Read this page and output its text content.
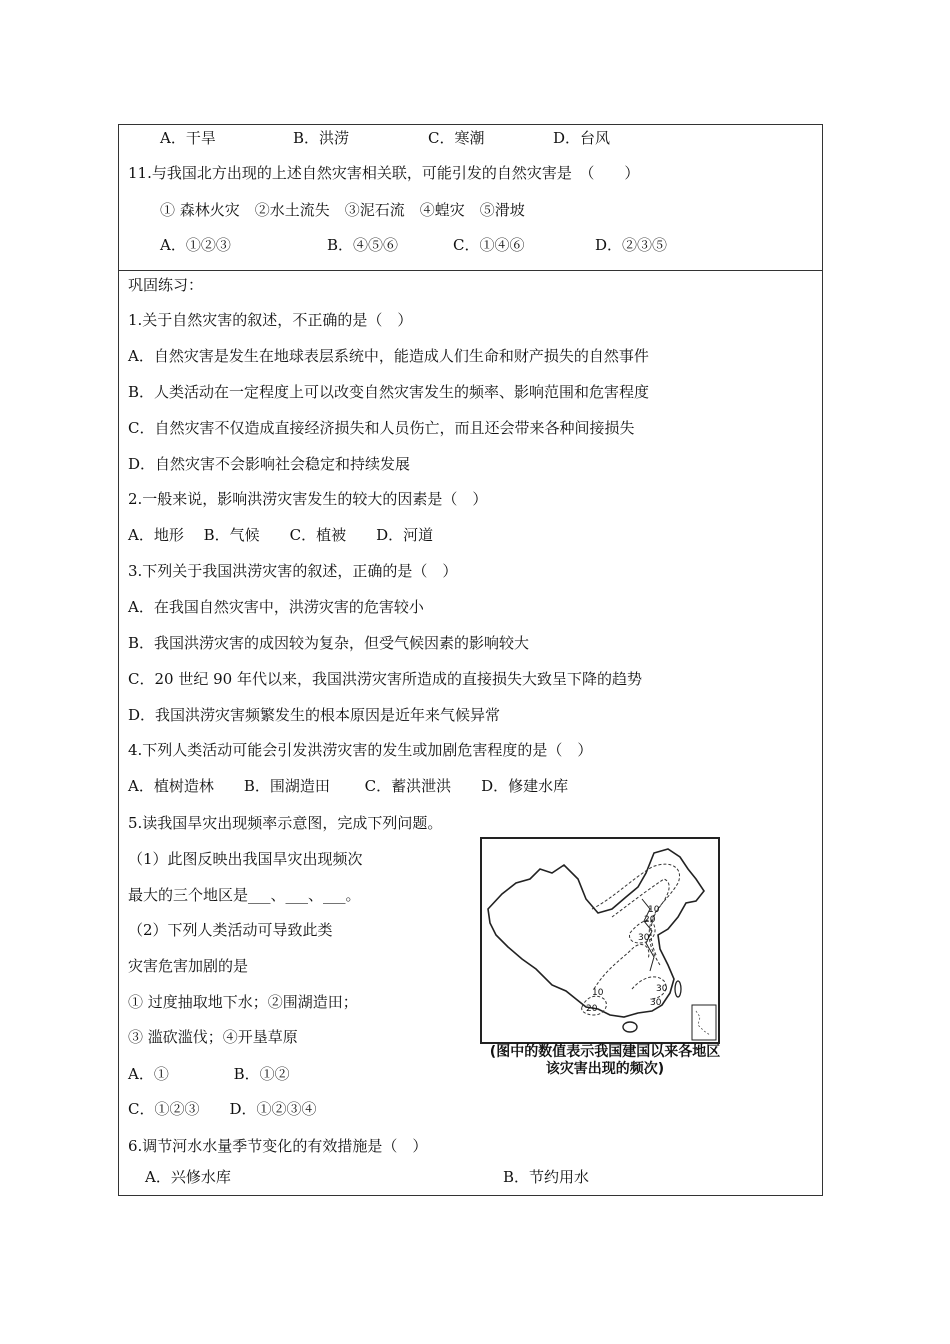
A．干旱	B．洪涝	C．寒潮	D．台风
11.与我国北方出现的上述自然灾害相关联，可能引发的自然灾害是　（　　）
① 森林火灾　②水土流失　③泥石流　④蝗灾　⑤滑坡
A．①②③	B．④⑤⑥	C．①④⑥	D．②③⑤
巩固练习：
1.关于自然灾害的叙述，不正确的是（　）
A．自然灾害是发生在地球表层系统中，能造成人们生命和财产损失的自然事件
B．人类活动在一定程度上可以改变自然灾害发生的频率、影响范围和危害程度
C．自然灾害不仅造成直接经济损失和人员伤亡，而且还会带来各种间接损失
D．自然灾害不会影响社会稳定和持续发展
2.一般来说，影响洪涝灾害发生的较大的因素是（　）
A．地形　 B．气候　　C．植被　　D．河道
3.下列关于我国洪涝灾害的叙述，正确的是（　）
A．在我国自然灾害中，洪涝灾害的危害较小
B．我国洪涝灾害的成因较为复杂，但受气候因素的影响较大
C．20 世纪 90 年代以来，我国洪涝灾害所造成的直接损失大致呈下降的趋势
D．我国洪涝灾害频繁发生的根本原因是近年来气候异常
4.下列人类活动可能会引发洪涝灾害的发生或加剧危害程度的是（　）
A．植树造林　　B．围湖造田　　 C．蓄洪泄洪　　D．修建水库
5.读我国旱灾出现频率示意图，完成下列问题。
（1）此图反映出我国旱灾出现频次
最大的三个地区是___、___、___。
（2）下列人类活动可导致此类
灾害危害加剧的是
① 过度抽取地下水；②围湖造田；
③ 滥砍滥伐；④开垦草原
A．①　　　　 B．①②
C．①②③　　D．①②③④
6.调节河水水量季节变化的有效措施是（　）
A．兴修水库	B．节约用水
10
20
30
10
20
30
30
(图中的数值表示我国建国以来各地区
该灾害出现的频次)
